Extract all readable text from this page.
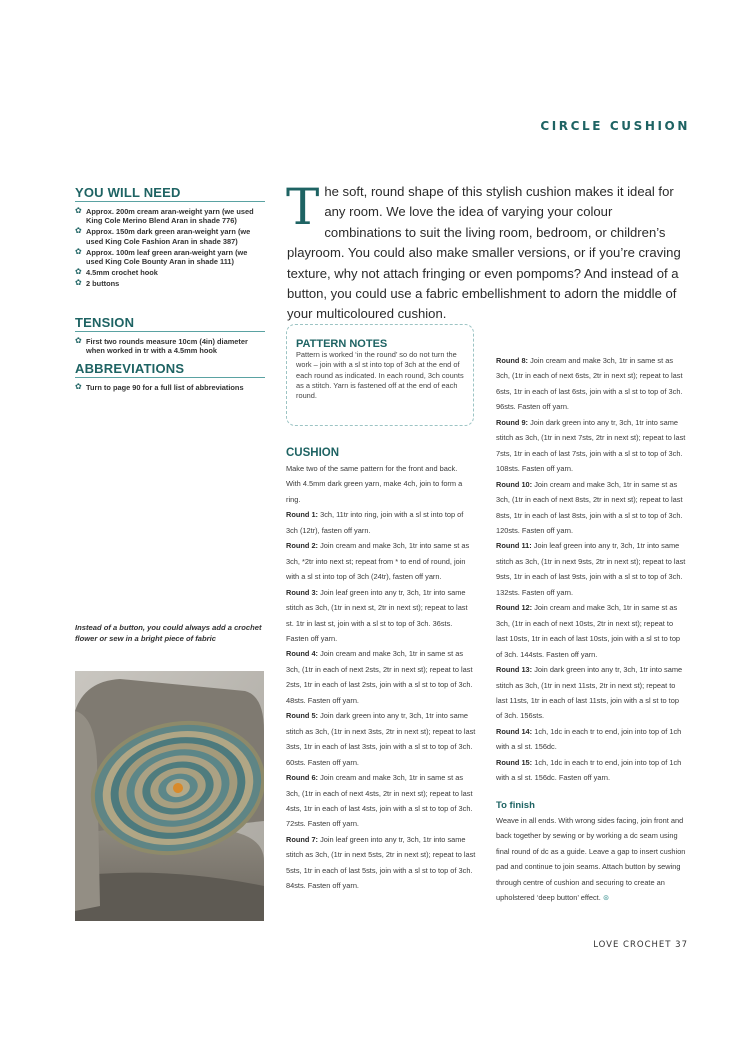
CIRCLE CUSHION
YOU WILL NEED
✿ Approx. 200m cream aran-weight yarn (we used King Cole Merino Blend Aran in shade 776)
✿ Approx. 150m dark green aran-weight yarn (we used King Cole Fashion Aran in shade 387)
✿ Approx. 100m leaf green aran-weight yarn (we used King Cole Bounty Aran in shade 111)
✿ 4.5mm crochet hook
✿ 2 buttons
TENSION
✿ First two rounds measure 10cm (4in) diameter when worked in tr with a 4.5mm hook
ABBREVIATIONS
✿ Turn to page 90 for a full list of abbreviations
The soft, round shape of this stylish cushion makes it ideal for any room. We love the idea of varying your colour combinations to suit the living room, bedroom, or children’s playroom. You could also make smaller versions, or if you’re craving texture, why not attach fringing or even pompoms? And instead of a button, you could use a fabric embellishment to adorn the middle of your multicoloured cushion.
PATTERN NOTES

Pattern is worked ‘in the round’ so do not turn the work – join with a sl st into top of 3ch at the end of each round as indicated. In each round, 3ch counts as a stitch. Yarn is fastened off at the end of each round.

CUSHION

Make two of the same pattern for the front and back.

With 4.5mm dark green yarn, make 4ch, join to form a ring.

Round 1: 3ch, 11tr into ring, join with a sl st into top of 3ch (12tr), fasten off yarn.

Round 2: Join cream and make 3ch, 1tr into same st as 3ch, *2tr into next st; repeat from * to end of round, join with a sl st into top of 3ch (24tr), fasten off yarn.

Round 3: Join leaf green into any tr, 3ch, 1tr into same stitch as 3ch, (1tr in next st, 2tr in next st); repeat to last st. 1tr in last st, join with a sl st to top of 3ch. 36sts. Fasten off yarn.

Round 4: Join cream and make 3ch, 1tr in same st as 3ch, (1tr in each of next 2sts, 2tr in next st); repeat to last 2sts, 1tr in each of last 2sts, join with a sl st to top of 3ch. 48sts. Fasten off yarn.

Round 5: Join dark green into any tr, 3ch, 1tr into same stitch as 3ch, (1tr in next 3sts, 2tr in next st); repeat to last 3sts, 1tr in each of last 3sts, join with a sl st to top of 3ch. 60sts. Fasten off yarn.

Round 6: Join cream and make 3ch, 1tr in same st as 3ch, (1tr in each of next 4sts, 2tr in next st); repeat to last 4sts, 1tr in each of last 4sts, join with a sl st to top of 3ch. 72sts. Fasten off yarn.

Round 7: Join leaf green into any tr, 3ch, 1tr into same stitch as 3ch, (1tr in next 5sts, 2tr in next st); repeat to last 5sts, 1tr in each of last 5sts, join with a sl st to top of 3ch. 84sts. Fasten off yarn.

Round 8: Join cream and make 3ch, 1tr in same st as 3ch, (1tr in each of next 6sts, 2tr in next st); repeat to last 6sts, 1tr in each of last 6sts, join with a sl st to top of 3ch. 96sts. Fasten off yarn.

Round 9: Join dark green into any tr, 3ch, 1tr into same stitch as 3ch, (1tr in next 7sts, 2tr in next st); repeat to last 7sts, 1tr in each of last 7sts, join with a sl st to top of 3ch. 108sts. Fasten off yarn.

Round 10: Join cream and make 3ch, 1tr in same st as 3ch, (1tr in each of next 8sts, 2tr in next st); repeat to last 8sts, 1tr in each of last 8sts, join with a sl st to top of 3ch. 120sts. Fasten off yarn.

Round 11: Join leaf green into any tr, 3ch, 1tr into same stitch as 3ch, (1tr in next 9sts, 2tr in next st); repeat to last 9sts, 1tr in each of last 9sts, join with a sl st to top of 3ch. 132sts. Fasten off yarn.

Round 12: Join cream and make 3ch, 1tr in same st as 3ch, (1tr in each of next 10sts, 2tr in next st); repeat to last 10sts, 1tr in each of last 10sts, join with a sl st to top of 3ch. 144sts. Fasten off yarn.

Round 13: Join dark green into any tr, 3ch, 1tr into same stitch as 3ch, (1tr in next 11sts, 2tr in next st); repeat to last 11sts, 1tr in each of last 11sts, join with a sl st to top of 3ch. 156sts.

Round 14: 1ch, 1dc in each tr to end, join into top of 1ch with a sl st. 156dc.

Round 15: 1ch, 1dc in each tr to end, join into top of 1ch with a sl st. 156dc. Fasten off yarn.

To finish

Weave in all ends. With wrong sides facing, join front and back together by sewing or by working a dc seam using final round of dc as a guide. Leave a gap to insert cushion pad and continue to join seams. Attach button by sewing through centre of cushion and securing to create an upholstered ‘deep button’ effect. ⊛

Instead of a button, you could always add a crochet flower or sew in a bright piece of fabric
LOVE CROCHET 37
